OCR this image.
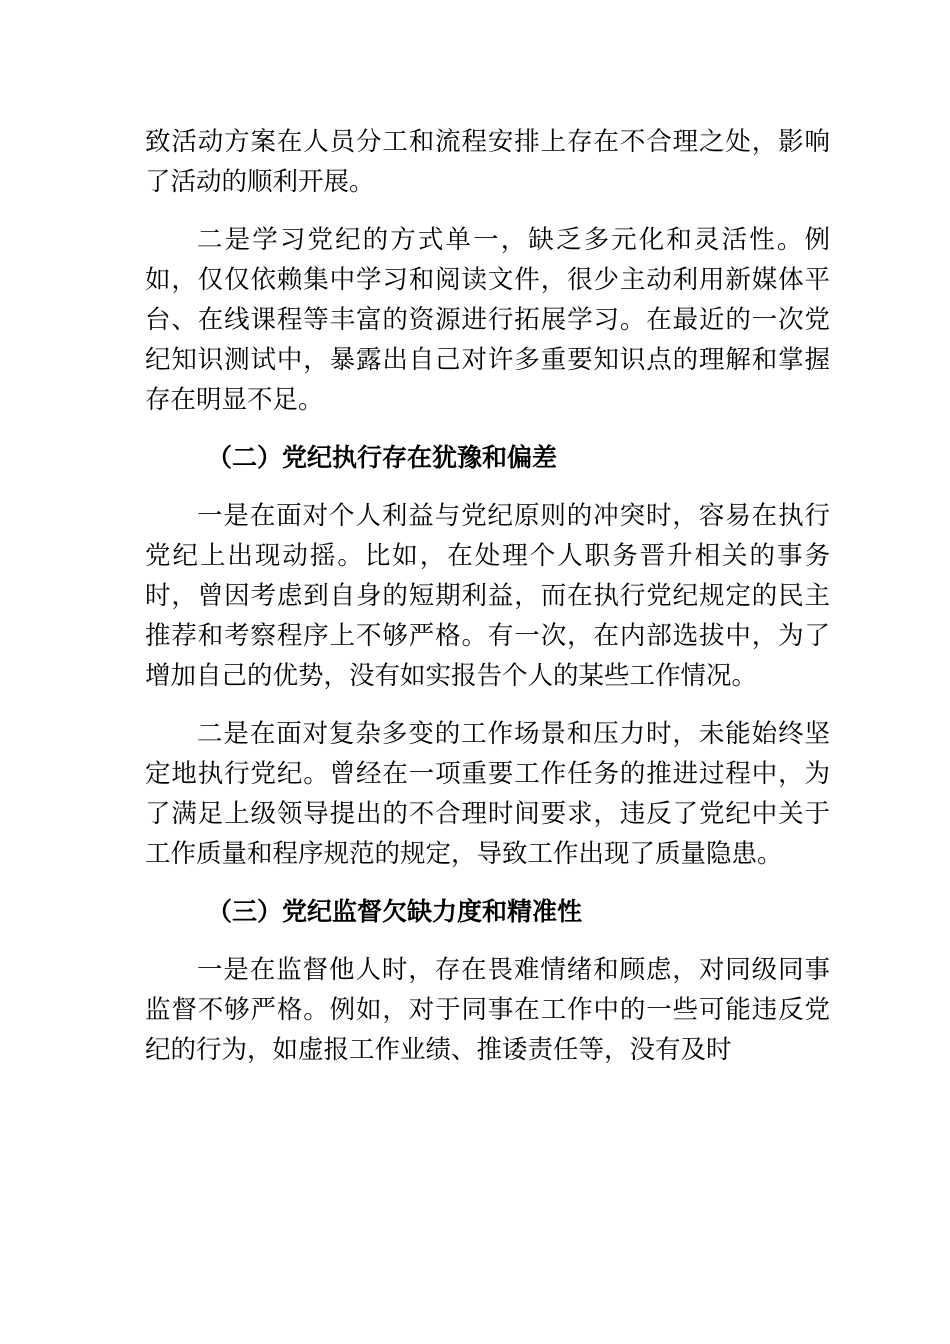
致活动方案在人员分工和流程安排上存在不合理之处，影响了活动的顺利开展。

二是学习党纪的方式单一，缺乏多元化和灵活性。例如，仅仅依赖集中学习和阅读文件，很少主动利用新媒体平台、在线课程等丰富的资源进行拓展学习。在最近的一次党纪知识测试中，暴露出自己对许多重要知识点的理解和掌握存在明显不足。

（二）党纪执行存在犹豫和偏差

一是在面对个人利益与党纪原则的冲突时，容易在执行党纪上出现动摇。比如，在处理个人职务晋升相关的事务时，曾因考虑到自身的短期利益，而在执行党纪规定的民主推荐和考察程序上不够严格。有一次，在内部选拔中，为了增加自己的优势，没有如实报告个人的某些工作情况。

二是在面对复杂多变的工作场景和压力时，未能始终坚定地执行党纪。曾经在一项重要工作任务的推进过程中，为了满足上级领导提出的不合理时间要求，违反了党纪中关于工作质量和程序规范的规定，导致工作出现了质量隐患。

（三）党纪监督欠缺力度和精准性

一是在监督他人时，存在畏难情绪和顾虑，对同级同事监督不够严格。例如，对于同事在工作中的一些可能违反党纪的行为，如虚报工作业绩、推诿责任等，没有及时
